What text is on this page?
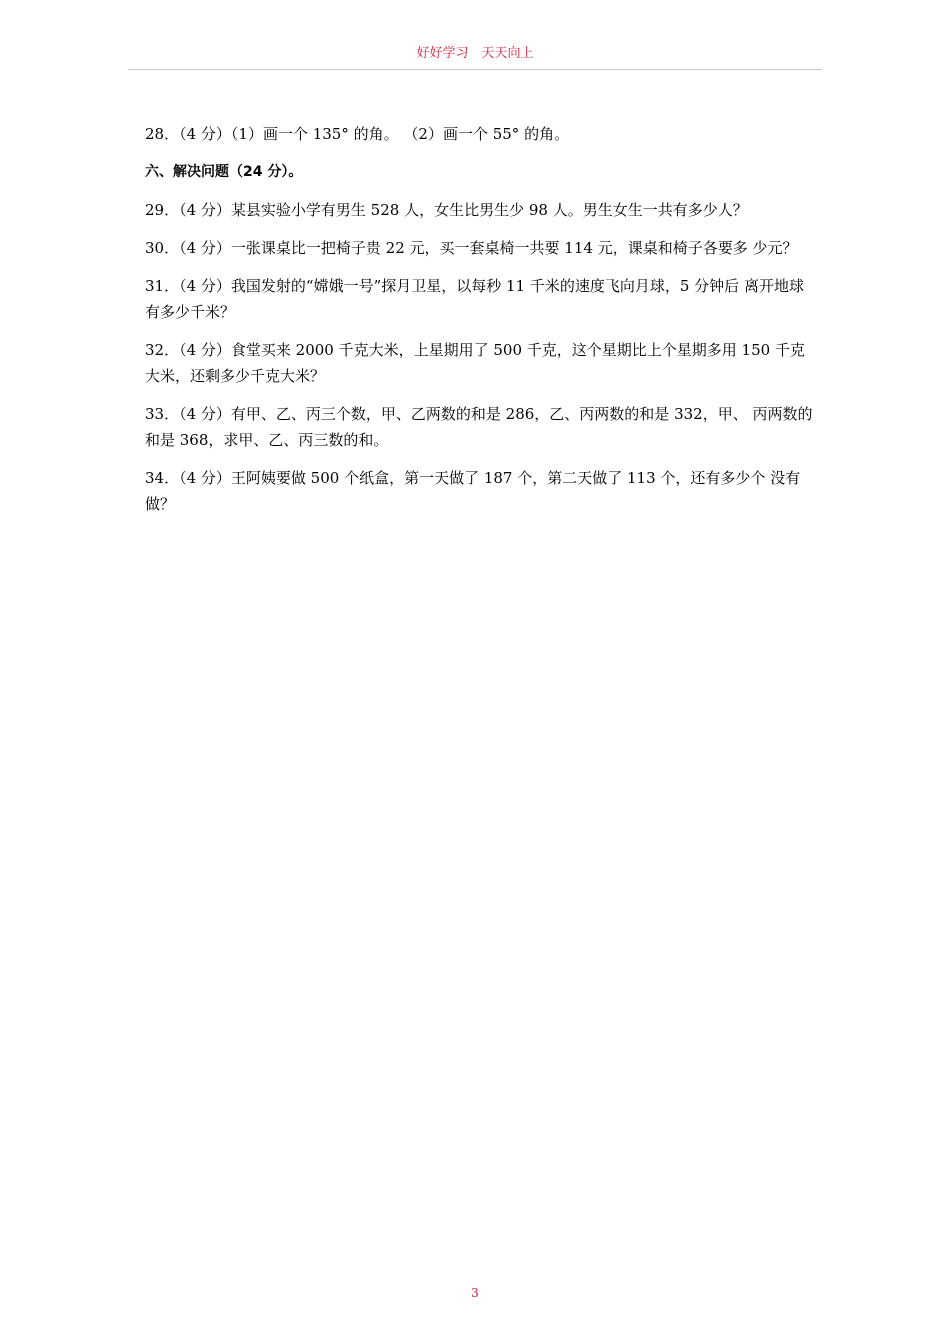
好好学习　天天向上
28．（4 分）（1）画一个 135° 的角。 （2）画一个 55° 的角。
六、解决问题（24 分）。
29．（4 分）某县实验小学有男生 528 人，女生比男生少 98 人。男生女生一共有多少人？
30．（4 分）一张课桌比一把椅子贵 22 元，买一套桌椅一共要 114 元，课桌和椅子各要多 少元？
31．（4 分）我国发射的“嫦娥一号”探月卫星，以每秒 11 千米的速度飞向月球，5 分钟后 离开地球有多少千米？
32．（4 分）食堂买来 2000 千克大米，上星期用了 500 千克，这个星期比上个星期多用 150 千克大米，还剩多少千克大米？
33．（4 分）有甲、乙、丙三个数，甲、乙两数的和是 286，乙、丙两数的和是 332，甲、 丙两数的和是 368，求甲、乙、丙三数的和。
34．（4 分）王阿姨要做 500 个纸盒，第一天做了 187 个，第二天做了 113 个，还有多少个 没有做？
3
